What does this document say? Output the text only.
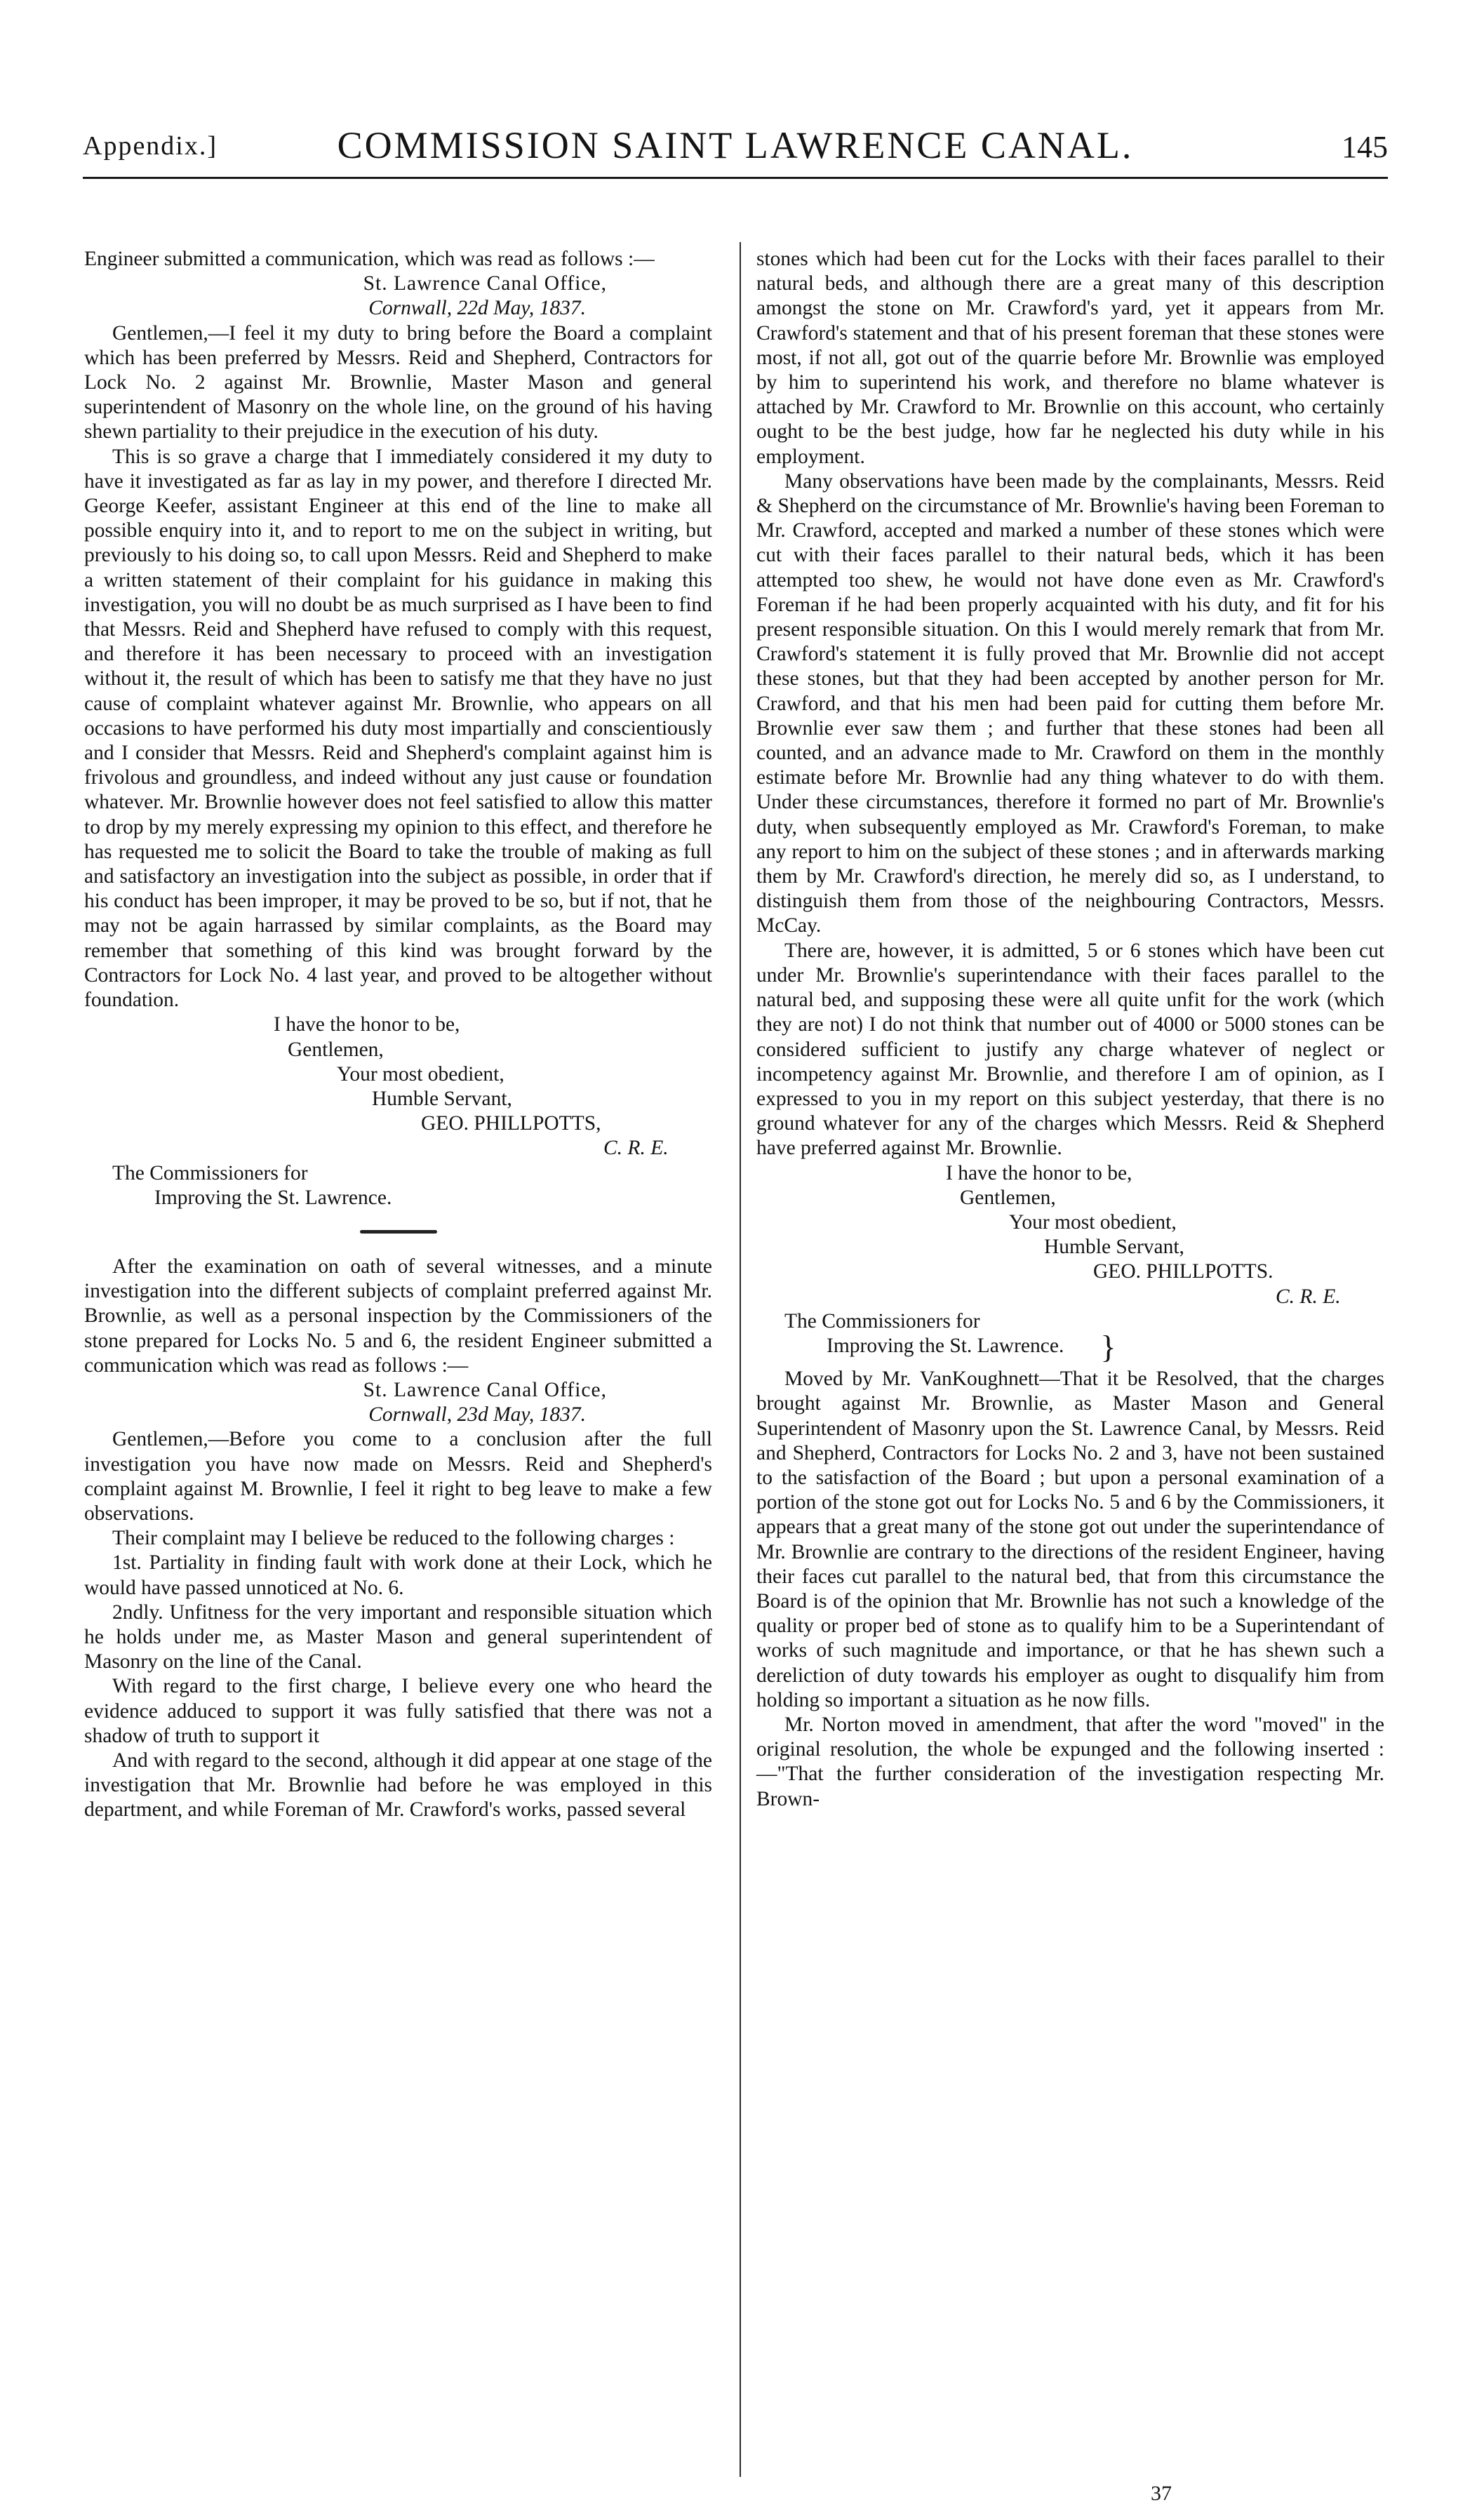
Appendix.]	COMMISSION SAINT LAWRENCE CANAL.	145

Engineer submitted a communication, which was read as follows :—

St. Lawrence Canal Office,

Cornwall, 22d May, 1837.

Gentlemen,—I feel it my duty to bring before the Board a complaint which has been preferred by Messrs. Reid and Shepherd, Contractors for Lock No. 2 against Mr. Brownlie, Master Mason and general superintendent of Masonry on the whole line, on the ground of his having shewn partiality to their prejudice in the execution of his duty.

This is so grave a charge that I immediately considered it my duty to have it investigated as far as lay in my power, and therefore I directed Mr. George Keefer, assistant Engineer at this end of the line to make all possible enquiry into it, and to report to me on the subject in writing, but previously to his doing so, to call upon Messrs. Reid and Shepherd to make a written statement of their complaint for his guidance in making this investigation, you will no doubt be as much surprised as I have been to find that Messrs. Reid and Shepherd have refused to comply with this request, and therefore it has been necessary to proceed with an investigation without it, the result of which has been to satisfy me that they have no just cause of complaint whatever against Mr. Brownlie, who appears on all occasions to have performed his duty most impartially and conscientiously and I consider that Messrs. Reid and Shepherd's complaint against him is frivolous and groundless, and indeed without any just cause or foundation whatever. Mr. Brownlie however does not feel satisfied to allow this matter to drop by my merely expressing my opinion to this effect, and therefore he has requested me to solicit the Board to take the trouble of making as full and satisfactory an investigation into the subject as possible, in order that if his conduct has been improper, it may be proved to be so, but if not, that he may not be again harrassed by similar complaints, as the Board may remember that something of this kind was brought forward by the Contractors for Lock No. 4 last year, and proved to be altogether without foundation.

I have the honor to be,

Gentlemen,

Your most obedient,

Humble Servant,

GEO. PHILLPOTTS,

C. R. E.

The Commissioners for

Improving the St. Lawrence.

After the examination on oath of several witnesses, and a minute investigation into the different subjects of complaint preferred against Mr. Brownlie, as well as a personal inspection by the Commissioners of the stone prepared for Locks No. 5 and 6, the resident Engineer submitted a communication which was read as follows :—

St. Lawrence Canal Office,

Cornwall, 23d May, 1837.

Gentlemen,—Before you come to a conclusion after the full investigation you have now made on Messrs. Reid and Shepherd's complaint against M. Brownlie, I feel it right to beg leave to make a few observations.

Their complaint may I believe be reduced to the following charges :

1st. Partiality in finding fault with work done at their Lock, which he would have passed unnoticed at No. 6.

2ndly. Unfitness for the very important and responsible situation which he holds under me, as Master Mason and general superintendent of Masonry on the line of the Canal.

With regard to the first charge, I believe every one who heard the evidence adduced to support it was fully satisfied that there was not a shadow of truth to support it

And with regard to the second, although it did appear at one stage of the investigation that Mr. Brownlie had before he was employed in this department, and while Foreman of Mr. Crawford's works, passed several

stones which had been cut for the Locks with their faces parallel to their natural beds, and although there are a great many of this description amongst the stone on Mr. Crawford's yard, yet it appears from Mr. Crawford's statement and that of his present foreman that these stones were most, if not all, got out of the quarrie before Mr. Brownlie was employed by him to superintend his work, and therefore no blame whatever is attached by Mr. Crawford to Mr. Brownlie on this account, who certainly ought to be the best judge, how far he neglected his duty while in his employment.

Many observations have been made by the complainants, Messrs. Reid & Shepherd on the circumstance of Mr. Brownlie's having been Foreman to Mr. Crawford, accepted and marked a number of these stones which were cut with their faces parallel to their natural beds, which it has been attempted too shew, he would not have done even as Mr. Crawford's Foreman if he had been properly acquainted with his duty, and fit for his present responsible situation. On this I would merely remark that from Mr. Crawford's statement it is fully proved that Mr. Brownlie did not accept these stones, but that they had been accepted by another person for Mr. Crawford, and that his men had been paid for cutting them before Mr. Brownlie ever saw them ; and further that these stones had been all counted, and an advance made to Mr. Crawford on them in the monthly estimate before Mr. Brownlie had any thing whatever to do with them. Under these circumstances, therefore it formed no part of Mr. Brownlie's duty, when subsequently employed as Mr. Crawford's Foreman, to make any report to him on the subject of these stones ; and in afterwards marking them by Mr. Crawford's direction, he merely did so, as I understand, to distinguish them from those of the neighbouring Contractors, Messrs. McCay.

There are, however, it is admitted, 5 or 6 stones which have been cut under Mr. Brownlie's superintendance with their faces parallel to the natural bed, and supposing these were all quite unfit for the work (which they are not) I do not think that number out of 4000 or 5000 stones can be considered sufficient to justify any charge whatever of neglect or incompetency against Mr. Brownlie, and therefore I am of opinion, as I expressed to you in my report on this subject yesterday, that there is no ground whatever for any of the charges which Messrs. Reid & Shepherd have preferred against Mr. Brownlie.

I have the honor to be,

Gentlemen,

Your most obedient,

Humble Servant,

GEO. PHILLPOTTS.

C. R. E.

The Commissioners for

Improving the St. Lawrence. }

Moved by Mr. VanKoughnett—That it be Resolved, that the charges brought against Mr. Brownlie, as Master Mason and General Superintendent of Masonry upon the St. Lawrence Canal, by Messrs. Reid and Shepherd, Contractors for Locks No. 2 and 3, have not been sustained to the satisfaction of the Board ; but upon a personal examination of a portion of the stone got out for Locks No. 5 and 6 by the Commissioners, it appears that a great many of the stone got out under the superintendance of Mr. Brownlie are contrary to the directions of the resident Engineer, having their faces cut parallel to the natural bed, that from this circumstance the Board is of the opinion that Mr. Brownlie has not such a knowledge of the quality or proper bed of stone as to qualify him to be a Superintendant of works of such magnitude and importance, or that he has shewn such a dereliction of duty towards his employer as ought to disqualify him from holding so important a situation as he now fills.

Mr. Norton moved in amendment, that after the word "moved" in the original resolution, the whole be expunged and the following inserted :—"That the further consideration of the investigation respecting Mr. Brown-

37
